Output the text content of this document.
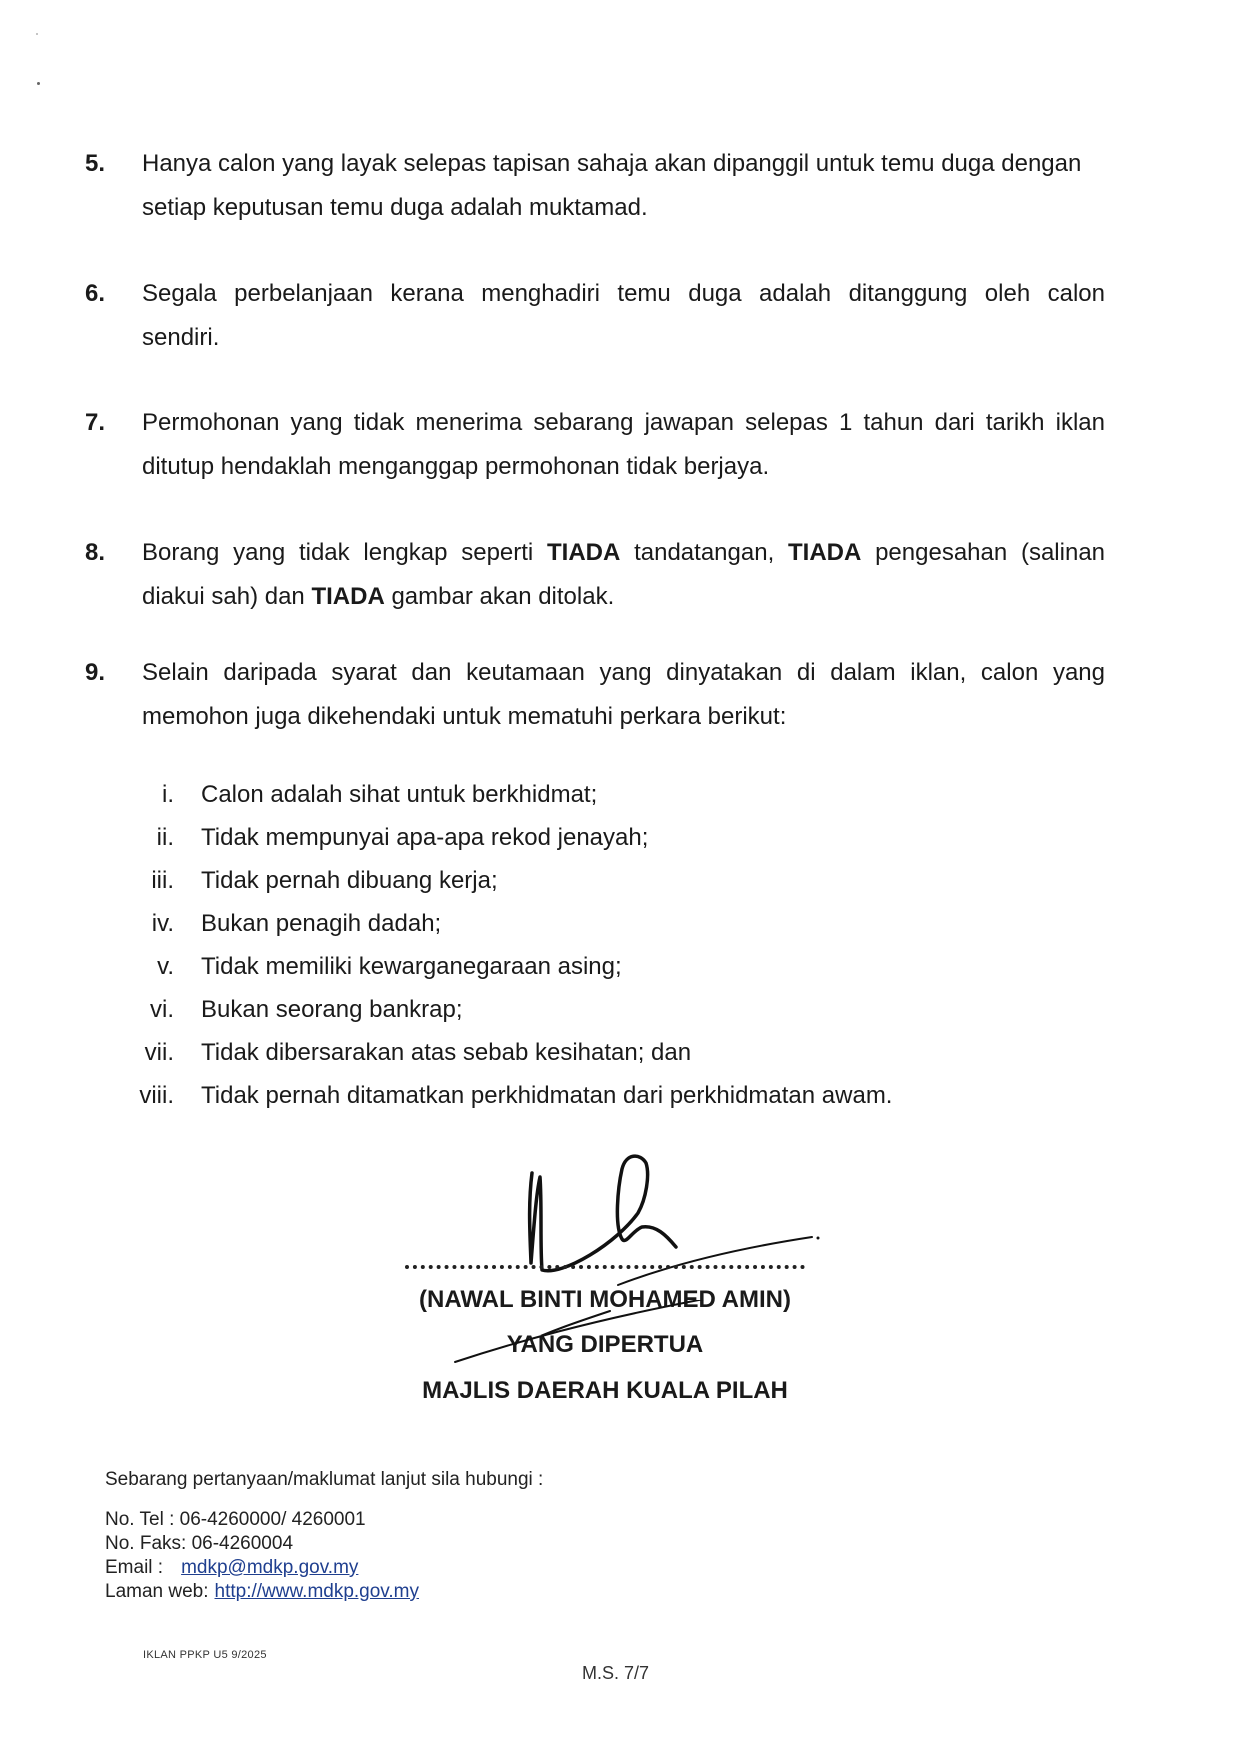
5. Hanya calon yang layak selepas tapisan sahaja akan dipanggil untuk temu duga dengan
setiap keputusan temu duga adalah muktamad.
6. Segala perbelanjaan kerana menghadiri temu duga adalah ditanggung oleh calon
sendiri.
7. Permohonan yang tidak menerima sebarang jawapan selepas 1 tahun dari tarikh iklan
ditutup hendaklah menganggap permohonan tidak berjaya.
8. Borang yang tidak lengkap seperti TIADA tandatangan, TIADA pengesahan (salinan diakui sah) dan TIADA gambar akan ditolak.
9. Selain daripada syarat dan keutamaan yang dinyatakan di dalam iklan, calon yang
memohon juga dikehendaki untuk mematuhi perkara berikut:
i. Calon adalah sihat untuk berkhidmat;
ii. Tidak mempunyai apa-apa rekod jenayah;
iii. Tidak pernah dibuang kerja;
iv. Bukan penagih dadah;
v. Tidak memiliki kewarganegaraan asing;
vi. Bukan seorang bankrap;
vii. Tidak dibersarakan atas sebab kesihatan; dan
viii. Tidak pernah ditamatkan perkhidmatan dari perkhidmatan awam.
(NAWAL BINTI MOHAMED AMIN)
YANG DIPERTUA
MAJLIS DAERAH KUALA PILAH
Sebarang pertanyaan/maklumat lanjut sila hubungi :
No. Tel : 06-4260000/ 4260001
No. Faks: 06-4260004
Email : mdkp@mdkp.gov.my
Laman web: http://www.mdkp.gov.my
IKLAN PPKP U5 9/2025
M.S. 7/7
